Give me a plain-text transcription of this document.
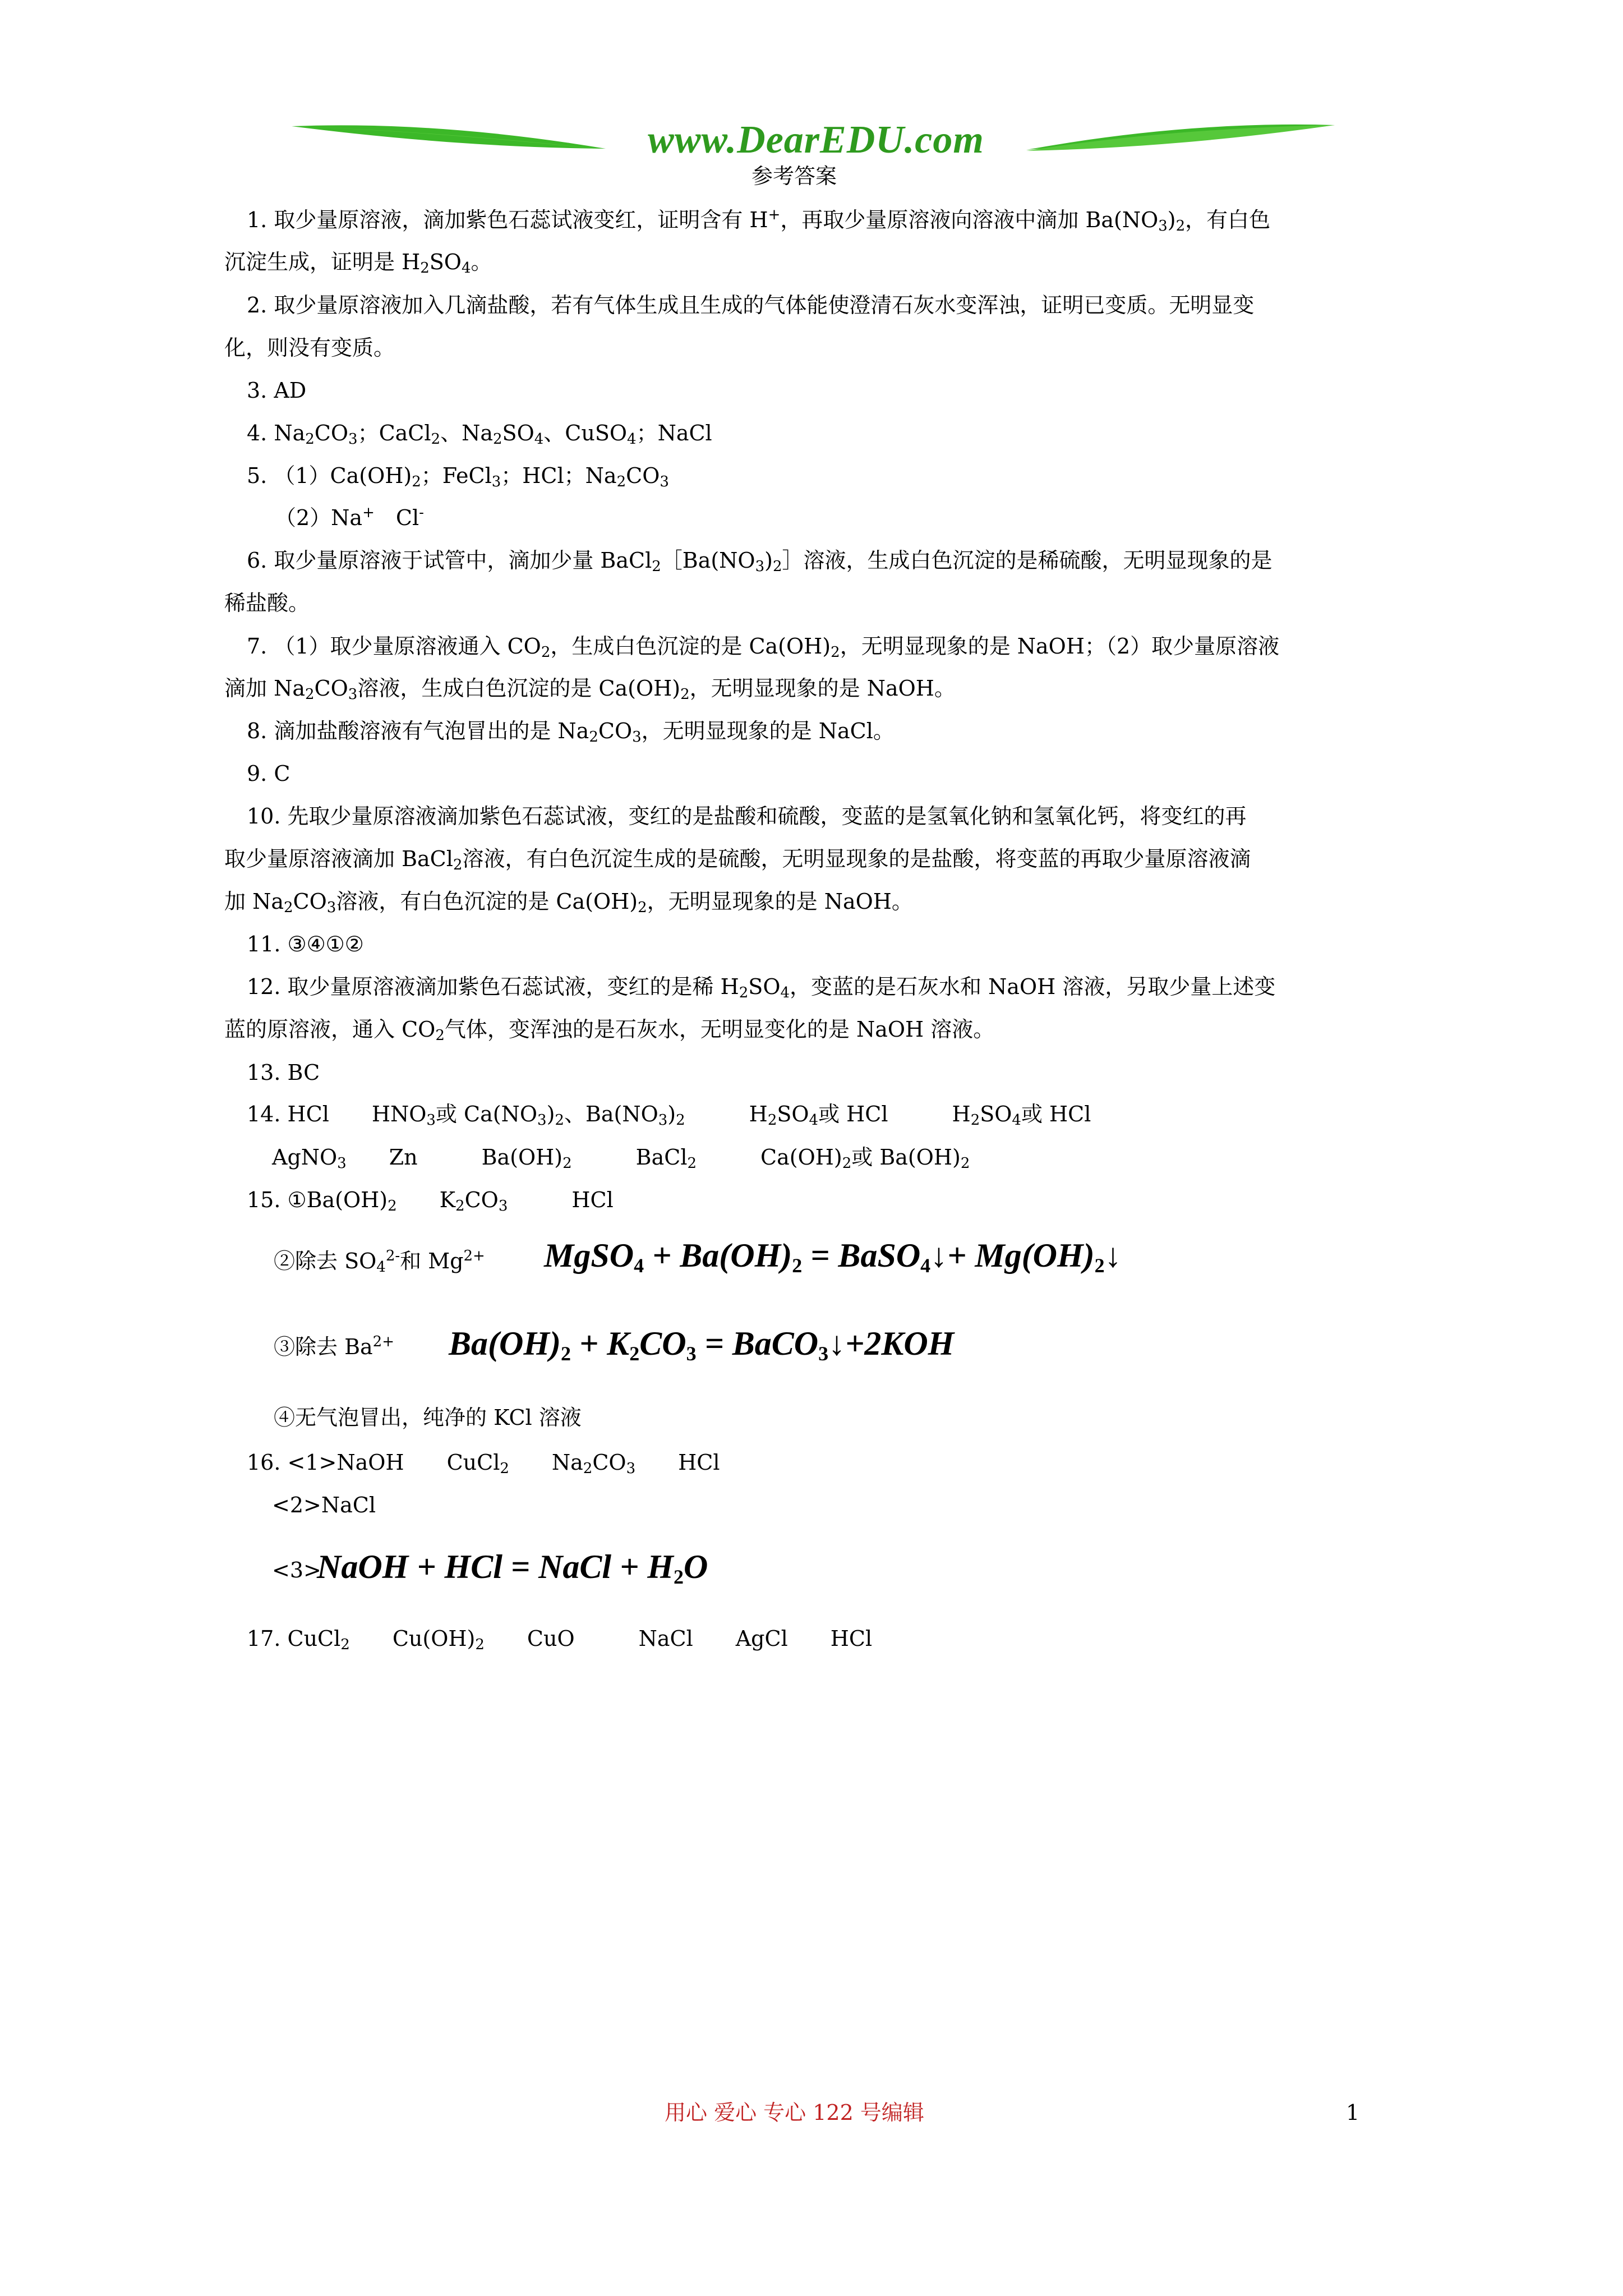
www.DearEDU.com
参考答案
1. 取少量原溶液，滴加紫色石蕊试液变红，证明含有 H+，再取少量原溶液向溶液中滴加 $Ba(NO_3)_2$，有白色
沉淀生成，证明是 $H_2SO_4$。
2. 取少量原溶液加入几滴盐酸，若有气体生成且生成的气体能使澄清石灰水变浑浊，证明已变质。无明显变
化，则没有变质。
3. AD
4. $Na_2CO_3$；CaCl$_2$、$Na_2SO_4$、CuSO$_4$；NaCl
5. $(1)Ca(OH)_2$；FeCl$_3$；HCl；$Na_2CO_3$
（2）Na+　Cl-
6. 取少量原溶液于试管中，滴加少量 $BaCl_2[Ba(NO_3)_2]$溶液，生成白色沉淀的是稀硫酸，无明显现象的是
稀盐酸。
7. （1）取少量原溶液通入 $CO_2$，生成白色沉淀的是 $Ca(OH)_2$，无明显现象的是 NaOH；（2）取少量原溶液
滴加 $Na_2CO_3$溶液，生成白色沉淀的是 $Ca(OH)_2$，无明显现象的是 NaOH。
8. 滴加盐酸溶液有气泡冒出的是 $Na_2CO_3$，无明显现象的是 NaCl。
9. C
10. 先取少量原溶液滴加紫色石蕊试液，变红的是盐酸和硫酸，变蓝的是氢氧化钠和氢氧化钙，将变红的再
取少量原溶液滴加 BaCl$_2$溶液，有白色沉淀生成的是硫酸，无明显现象的是盐酸，将变蓝的再取少量原溶液滴
加 $Na_2CO_3$溶液，有白色沉淀的是 $Ca(OH)_2$，无明显现象的是 NaOH。
11. ③④①②
12. 取少量原溶液滴加紫色石蕊试液，变红的是稀 $H_2SO_4$，变蓝的是石灰水和 NaOH 溶液，另取少量上述变
蓝的原溶液，通入 $CO_2$气体，变浑浊的是石灰水，无明显变化的是 NaOH 溶液。
13. BC
14. HCl　　$HNO_3$或 $Ca(NO_3)_2$、$Ba(NO_3)_2$　　　$H_2SO_4$或 HCl　　　$H_2SO_4$或 HCl
AgNO$_3$　　Zn　　　$Ba(OH)_2$　　　BaCl$_2$　　　$Ca(OH)_2$或 $Ba(OH)_2$
15. $①Ba(OH)_2$　　$K_2CO_3$　　　HCl
②除去 $SO_4^{2-}$和 $Mg^{2+}$ MgSO$_4$ + $Ba(OH)_2$ = BaSO$_4$↓+ $Mg(OH)_2↓$
③除去 $Ba^{2+}$ $Ba(OH)_2 + K_2CO_3$ = BaCO$_3$↓+2KOH
④无气泡冒出，纯净的 KCl 溶液
16. <1>NaOH　　CuCl$_2$　　$Na_2CO_3$　　HCl
<2>NaCl
<3>
NaOH + HCl = NaCl + $H_2O$
17. CuCl$_2$　　$Cu(OH)_2$　　CuO　　　NaCl　　AgCl　　HCl
用心 爱心 专心 122 号编辑	1
